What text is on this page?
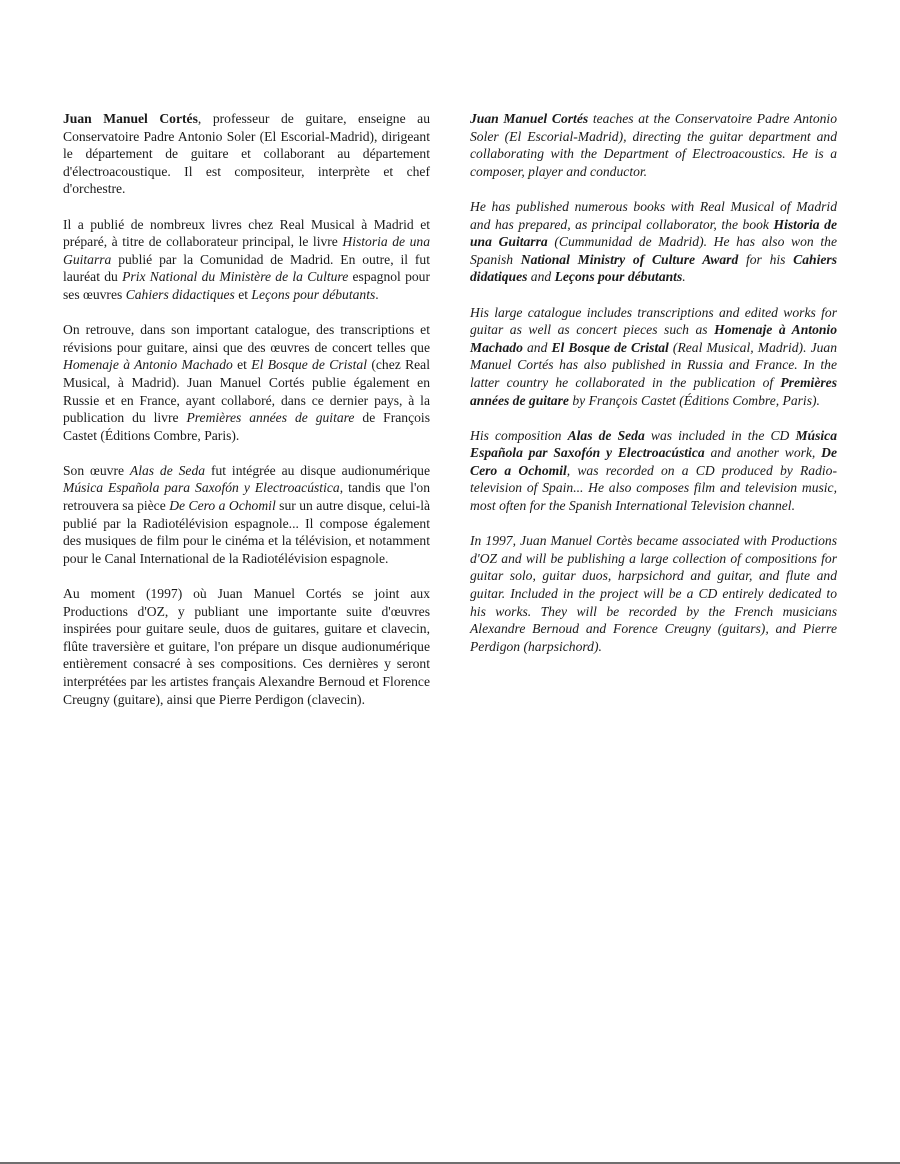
Juan Manuel Cortés, professeur de guitare, enseigne au Conservatoire Padre Antonio Soler (El Escorial-Madrid), dirigeant le département de guitare et collaborant au département d'électroacoustique. Il est compositeur, interprète et chef d'orchestre.

Il a publié de nombreux livres chez Real Musical à Madrid et préparé, à titre de collaborateur principal, le livre Historia de una Guitarra publié par la Comunidad de Madrid. En outre, il fut lauréat du Prix National du Ministère de la Culture espagnol pour ses œuvres Cahiers didactiques et Leçons pour débutants.

On retrouve, dans son important catalogue, des transcriptions et révisions pour guitare, ainsi que des œuvres de concert telles que Homenaje à Antonio Machado et El Bosque de Cristal (chez Real Musical, à Madrid). Juan Manuel Cortés publie également en Russie et en France, ayant collaboré, dans ce dernier pays, à la publication du livre Premières années de guitare de François Castet (Éditions Combre, Paris).

Son œuvre Alas de Seda fut intégrée au disque audionumérique Música Española para Saxofón y Electroacústica, tandis que l'on retrouvera sa pièce De Cero a Ochomil sur un autre disque, celui-là publié par la Radiotélévision espagnole... Il compose également des musiques de film pour le cinéma et la télévision, et notamment pour le Canal International de la Radiotélévision espagnole.

Au moment (1997) où Juan Manuel Cortés se joint aux Productions d'OZ, y publiant une importante suite d'œuvres inspirées pour guitare seule, duos de guitares, guitare et clavecin, flûte traversière et guitare, l'on prépare un disque audionumérique entièrement consacré à ses compositions. Ces dernières y seront interprétées par les artistes français Alexandre Bernoud et Florence Creugny (guitare), ainsi que Pierre Perdigon (clavecin).

Juan Manuel Cortés teaches at the Conservatoire Padre Antonio Soler (El Escorial-Madrid), directing the guitar department and collaborating with the Department of Electroacoustics. He is a composer, player and conductor.

He has published numerous books with Real Musical of Madrid and has prepared, as principal collaborator, the book Historia de una Guitarra (Cummunidad de Madrid). He has also won the Spanish National Ministry of Culture Award for his Cahiers didatiques and Leçons pour débutants.

His large catalogue includes transcriptions and edited works for guitar as well as concert pieces such as Homenaje à Antonio Machado and El Bosque de Cristal (Real Musical, Madrid). Juan Manuel Cortés has also published in Russia and France. In the latter country he collaborated in the publication of Premières années de guitare by François Castet (Éditions Combre, Paris).

His composition Alas de Seda was included in the CD Música Española par Saxofón y Electroacústica and another work, De Cero a Ochomil, was recorded on a CD produced by Radio-television of Spain... He also composes film and television music, most often for the Spanish International Television channel.

In 1997, Juan Manuel Cortès became associated with Productions d'OZ and will be publishing a large collection of compositions for guitar solo, guitar duos, harpsichord and guitar, and flute and guitar. Included in the project will be a CD entirely dedicated to his works. They will be recorded by the French musicians Alexandre Bernoud and Forence Creugny (guitars), and Pierre Perdigon (harpsichord).
